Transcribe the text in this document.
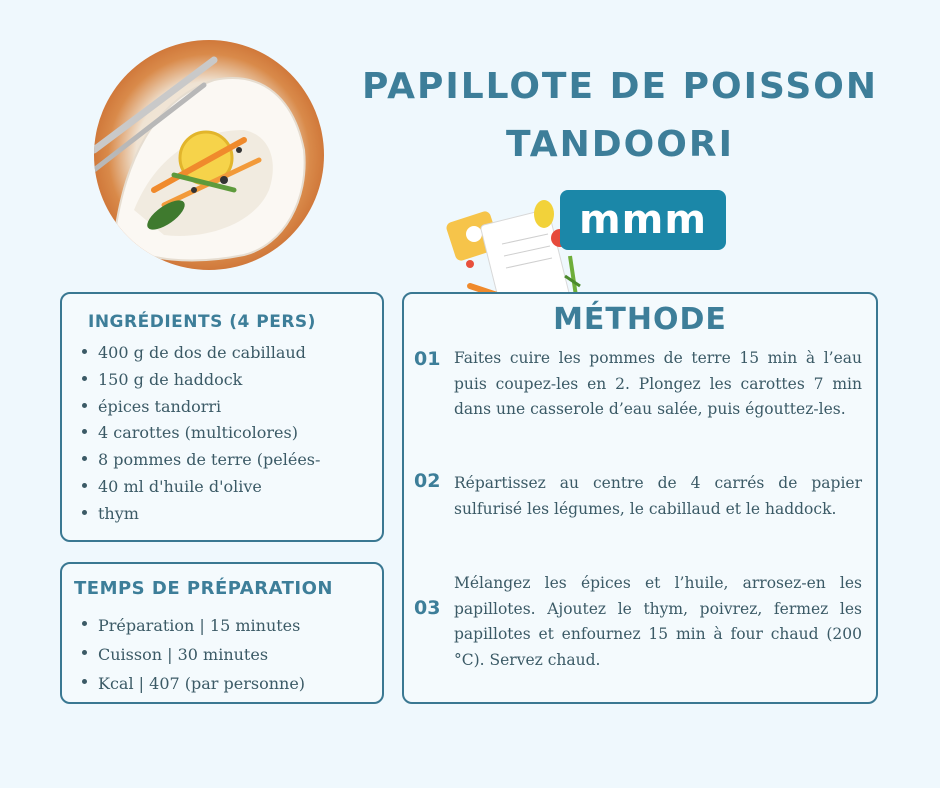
PAPILLOTE DE POISSON TANDOORI
mmm
INGRÉDIENTS (4 PERS)
400 g de dos de cabillaud
150 g de haddock
épices tandorri
4 carottes (multicolores)
8 pommes de terre (pelées-
40 ml d'huile d'olive
thym
TEMPS DE PRÉPARATION
Préparation | 15 minutes
Cuisson | 30 minutes
Kcal | 407 (par personne)
MÉTHODE
01 Faites cuire les pommes de terre 15 min à l’eau puis coupez-les en 2. Plongez les carottes 7 min dans une casserole d’eau salée, puis égouttez-les.
02 Répartissez au centre de 4 carrés de papier sulfurisé les légumes, le cabillaud et le haddock.
03
Mélangez les épices et l’huile, arrosez-en les papillotes. Ajoutez le thym, poivrez, fermez les papillotes et enfournez 15 min à four chaud (200 °C). Servez chaud.
